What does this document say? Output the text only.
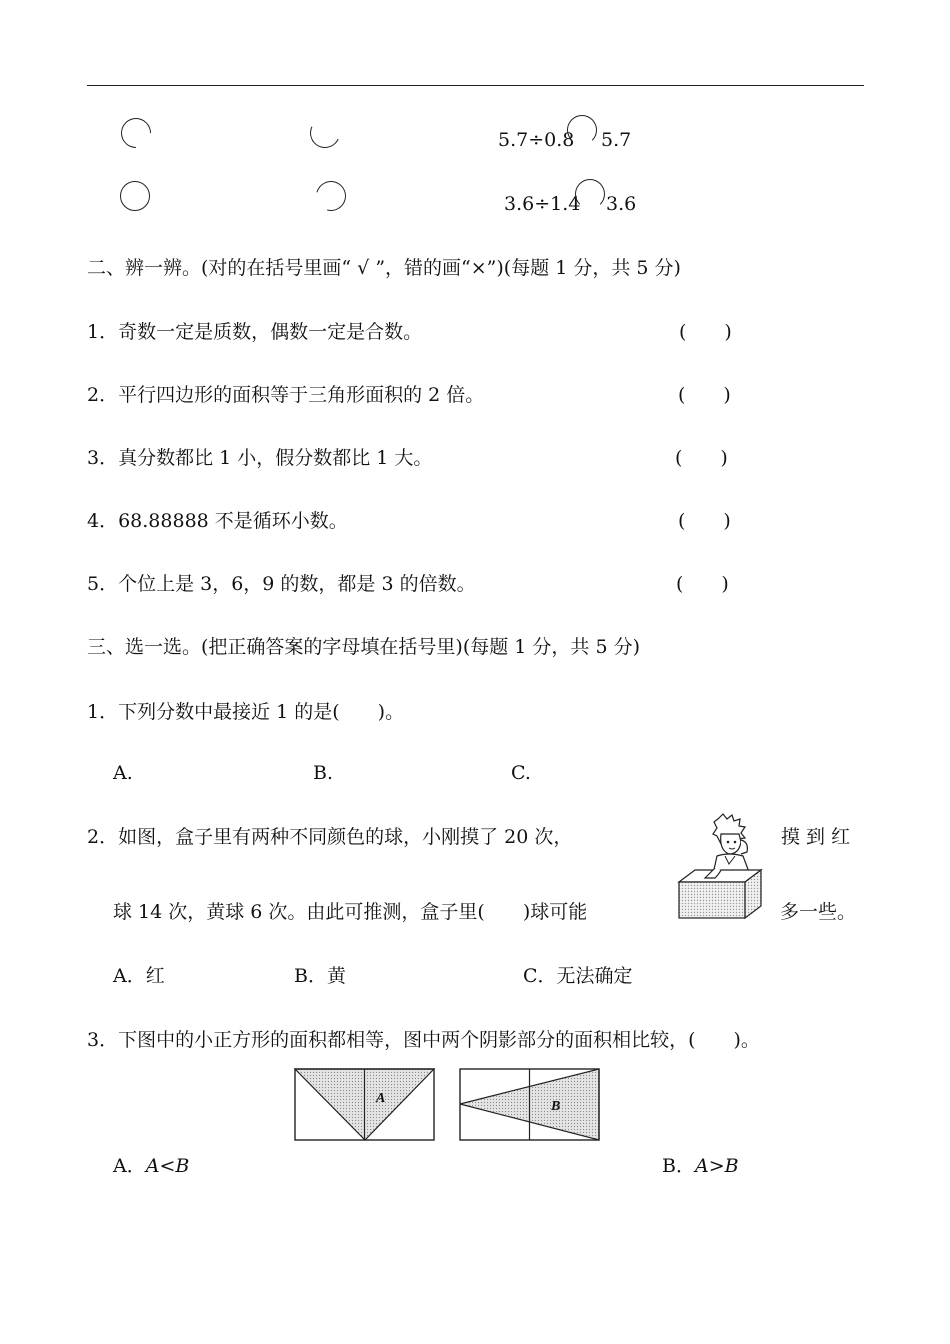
5.7÷0.8 5.7
3.6÷1.4 3.6
二、辨一辨。(对的在括号里画“ √ ”，错的画“×”)(每题 1 分，共 5 分)
1．奇数一定是质数，偶数一定是合数。	(　　)
2．平行四边形的面积等于三角形面积的 2 倍。	(　　)
3．真分数都比 1 小，假分数都比 1 大。	(　　)
4．68.88888 不是循环小数。	(　　)
5．个位上是 3，6，9 的数，都是 3 的倍数。	(　　)
三、选一选。(把正确答案的字母填在括号里)(每题 1 分，共 5 分)
1．下列分数中最接近 1 的是(　　)。
A.	B.	C.
2．如图，盒子里有两种不同颜色的球，小刚摸了 20 次，	摸 到 红
球 14 次，黄球 6 次。由此可推测，盒子里(　　)球可能	多一些。
A．红	B．黄	C．无法确定
3．下图中的小正方形的面积都相等，图中两个阴影部分的面积相比较，(　　)。
A
B
A．A<B	B．A>B
